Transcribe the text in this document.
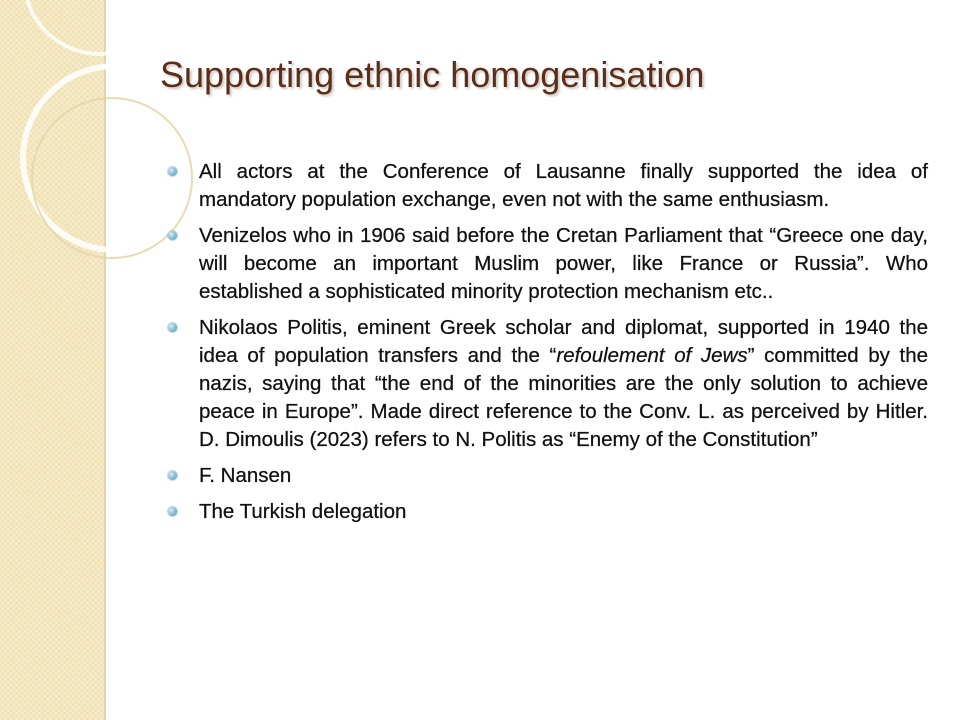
Supporting ethnic homogenisation
All actors at the Conference of Lausanne finally supported the idea of mandatory population exchange, even not with the same enthusiasm.
Venizelos who in 1906 said before the Cretan Parliament that “Greece one day, will become an important Muslim power, like France or Russia”. Who established a sophisticated minority protection mechanism etc..
Nikolaos Politis, eminent Greek scholar and diplomat, supported in 1940 the idea of population transfers and the “refoulement of Jews” committed by the nazis, saying that “the end of the minorities are the only solution to achieve peace in Europe”. Made direct reference to the Conv. L. as perceived by Hitler. D. Dimoulis (2023) refers to N. Politis as “Enemy of the Constitution”
F. Nansen
The Turkish delegation
